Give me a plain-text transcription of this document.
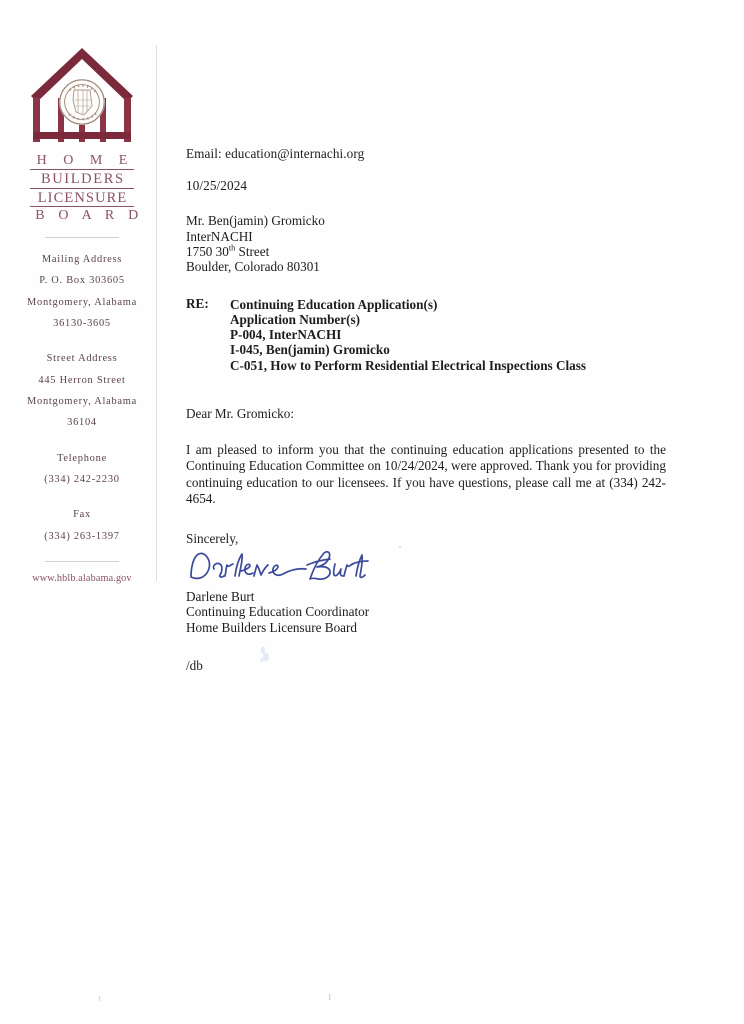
H O M E
BUILDERS
LICENSURE
B O A R D
Mailing Address
P. O. Box 303605
Montgomery, Alabama
36130-3605
Street Address
445 Herron Street
Montgomery, Alabama
36104
Telephone
(334) 242-2230
Fax
(334) 263-1397
www.hblb.alabama.gov
Email: education@internachi.org
10/25/2024
Mr. Ben(jamin) Gromicko
InterNACHI
1750 30th Street
Boulder, Colorado 80301
RE: Continuing Education Application(s)
Application Number(s)
P-004, InterNACHI
I-045, Ben(jamin) Gromicko
C-051, How to Perform Residential Electrical Inspections Class
Dear Mr. Gromicko:
I am pleased to inform you that the continuing education applications presented to the Continuing Education Committee on 10/24/2024, were approved. Thank you for providing continuing education to our licensees. If you have questions, please call me at (334) 242-4654.
Sincerely,
Darlene Burt
Continuing Education Coordinator
Home Builders Licensure Board
/db
